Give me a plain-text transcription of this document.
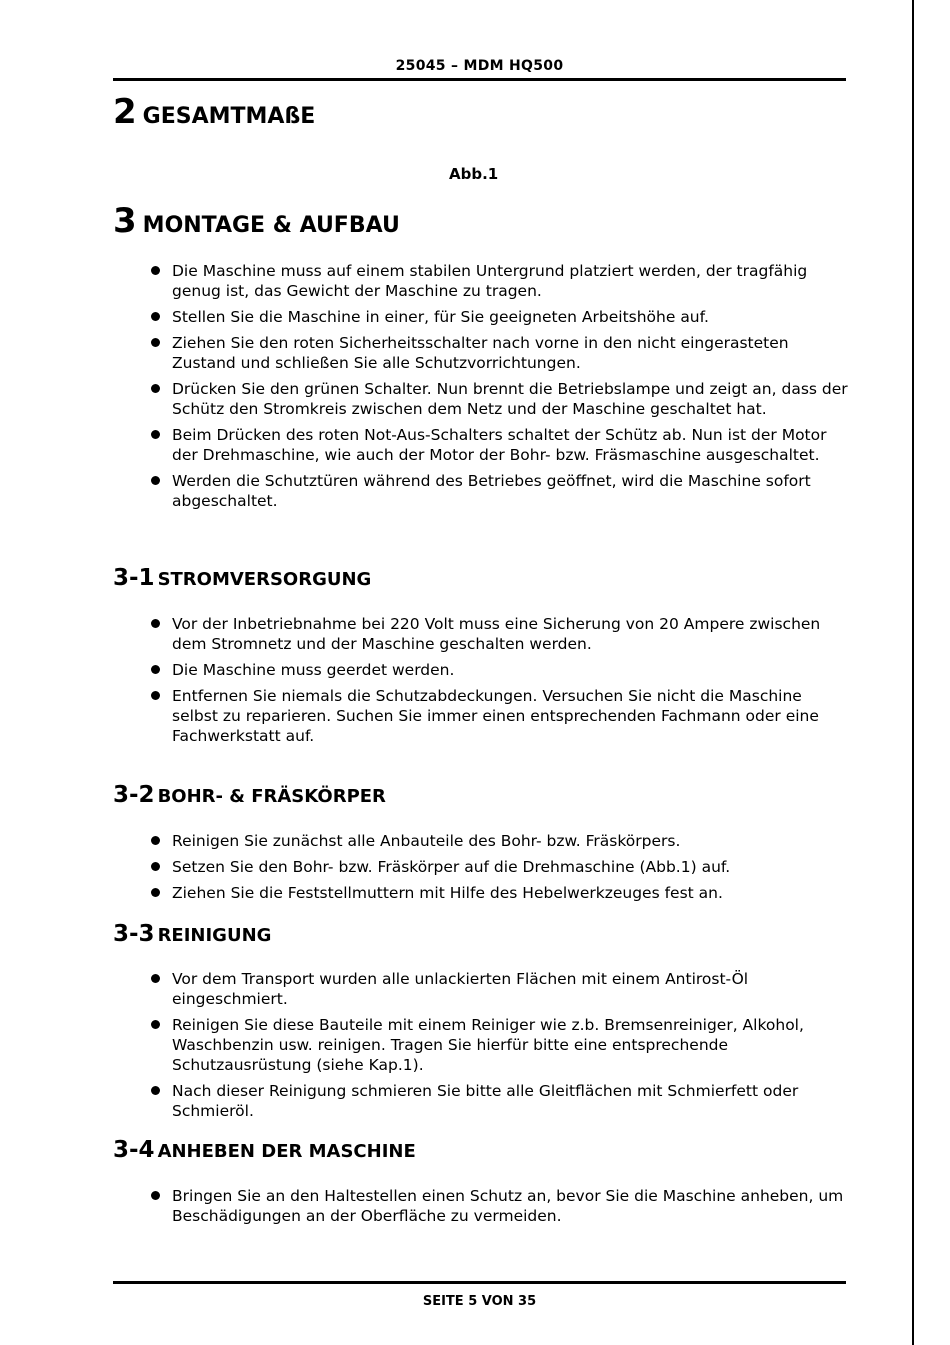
25045 – MDM HQ500
2 GESAMTMAßE
Abb.1
3 MONTAGE & AUFBAU
Die Maschine muss auf einem stabilen Untergrund platziert werden, der tragfähig genug ist, das Gewicht der Maschine zu tragen.
Stellen Sie die Maschine in einer, für Sie geeigneten Arbeitshöhe auf.
Ziehen Sie den roten Sicherheitsschalter nach vorne in den nicht eingerasteten Zustand und schließen Sie alle Schutzvorrichtungen.
Drücken Sie den grünen Schalter. Nun brennt die Betriebslampe und zeigt an, dass der Schütz den Stromkreis zwischen dem Netz und der Maschine geschaltet hat.
Beim Drücken des roten Not-Aus-Schalters schaltet der Schütz ab. Nun ist der Motor der Drehmaschine, wie auch der Motor der Bohr- bzw. Fräsmaschine ausgeschaltet.
Werden die Schutztüren während des Betriebes geöffnet, wird die Maschine sofort abgeschaltet.
3-1 STROMVERSORGUNG
Vor der Inbetriebnahme bei 220 Volt muss eine Sicherung von 20 Ampere zwischen dem Stromnetz und der Maschine geschalten werden.
Die Maschine muss geerdet werden.
Entfernen Sie niemals die Schutzabdeckungen. Versuchen Sie nicht die Maschine selbst zu reparieren. Suchen Sie immer einen entsprechenden Fachmann oder eine Fachwerkstatt auf.
3-2 BOHR- & FRÄSKÖRPER
Reinigen Sie zunächst alle Anbauteile des Bohr- bzw. Fräskörpers.
Setzen Sie den Bohr- bzw. Fräskörper auf die Drehmaschine (Abb.1) auf.
Ziehen Sie die Feststellmuttern mit Hilfe des Hebelwerkzeuges fest an.
3-3 REINIGUNG
Vor dem Transport wurden alle unlackierten Flächen mit einem Antirost-Öl eingeschmiert.
Reinigen Sie diese Bauteile mit einem Reiniger wie z.b. Bremsenreiniger, Alkohol, Waschbenzin usw. reinigen. Tragen Sie hierfür bitte eine entsprechende Schutzausrüstung (siehe Kap.1).
Nach dieser Reinigung schmieren Sie bitte alle Gleitflächen mit Schmierfett oder Schmieröl.
3-4 ANHEBEN DER MASCHINE
Bringen Sie an den Haltestellen einen Schutz an, bevor Sie die Maschine anheben, um Beschädigungen an der Oberfläche zu vermeiden.
SEITE 5 VON 35
